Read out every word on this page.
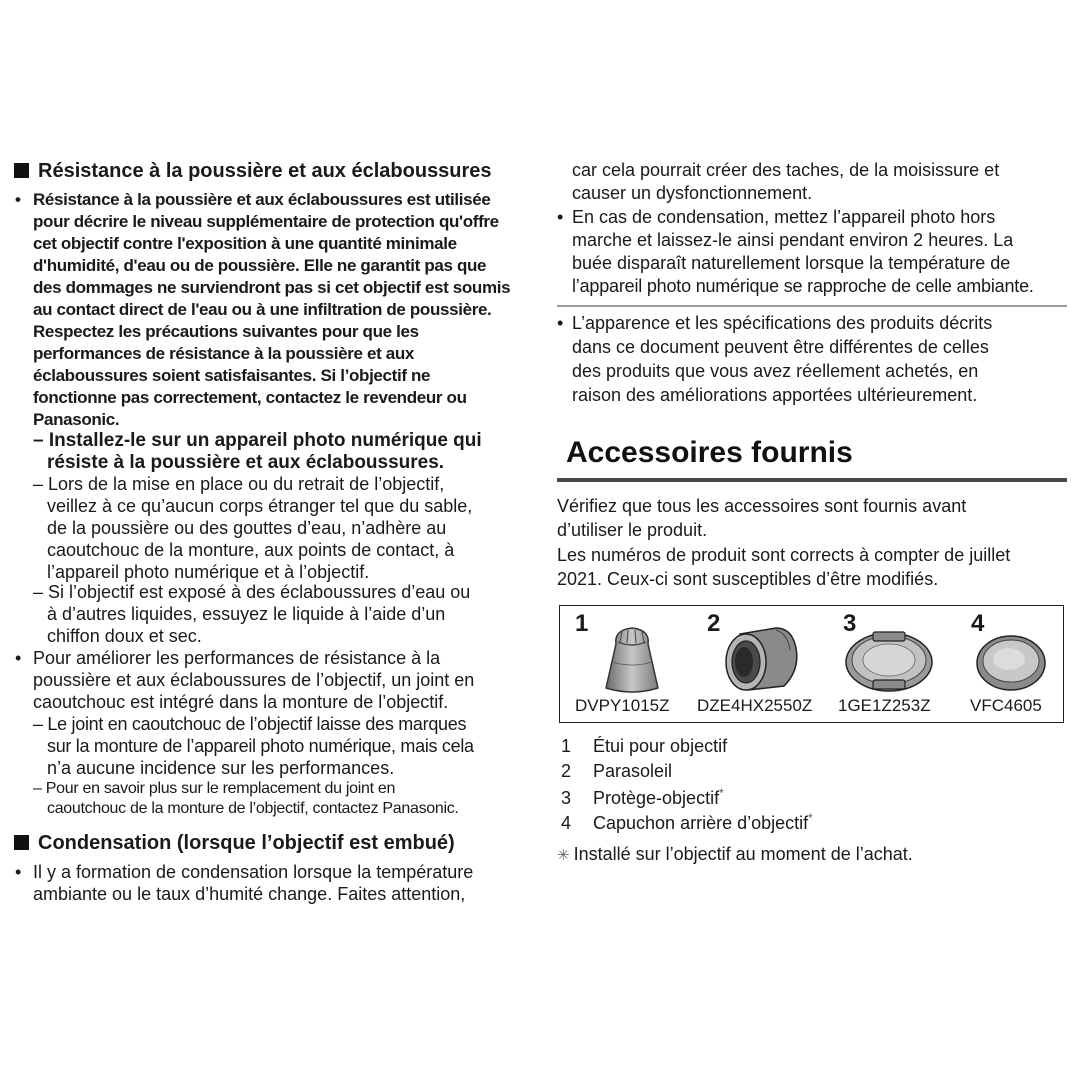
Résistance à la poussière et aux éclaboussures
• Résistance à la poussière et aux éclaboussures est utilisée
pour décrire le niveau supplémentaire de protection qu'offre
cet objectif contre l'exposition à une quantité minimale
d'humidité, d'eau ou de poussière. Elle ne garantit pas que
des dommages ne surviendront pas si cet objectif est soumis
au contact direct de l'eau ou à une infiltration de poussière.
Respectez les précautions suivantes pour que les
performances de résistance à la poussière et aux
éclaboussures soient satisfaisantes. Si l’objectif ne
fonctionne pas correctement, contactez le revendeur ou
Panasonic.
– Installez-le sur un appareil photo numérique qui
résiste à la poussière et aux éclaboussures.
– Lors de la mise en place ou du retrait de l’objectif,
veillez à ce qu’aucun corps étranger tel que du sable,
de la poussière ou des gouttes d’eau, n’adhère au
caoutchouc de la monture, aux points de contact, à
l’appareil photo numérique et à l’objectif.
– Si l’objectif est exposé à des éclaboussures d’eau ou
à d’autres liquides, essuyez le liquide à l’aide d’un
chiffon doux et sec.
• Pour améliorer les performances de résistance à la
poussière et aux éclaboussures de l’objectif, un joint en
caoutchouc est intégré dans la monture de l’objectif.
– Le joint en caoutchouc de l’objectif laisse des marques
sur la monture de l’appareil photo numérique, mais cela
n’a aucune incidence sur les performances.
– Pour en savoir plus sur le remplacement du joint en
caoutchouc de la monture de l’objectif, contactez Panasonic.
Condensation (lorsque l’objectif est embué)
• Il y a formation de condensation lorsque la température
ambiante ou le taux d’humité change. Faites attention,
car cela pourrait créer des taches, de la moisissure et
causer un dysfonctionnement.
• En cas de condensation, mettez l’appareil photo hors
marche et laissez-le ainsi pendant environ 2 heures. La
buée disparaît naturellement lorsque la température de
l’appareil photo numérique se rapproche de celle ambiante.
• L’apparence et les spécifications des produits décrits
dans ce document peuvent être différentes de celles
des produits que vous avez réellement achetés, en
raison des améliorations apportées ultérieurement.
Accessoires fournis
Vérifiez que tous les accessoires sont fournis avant
d’utiliser le produit.
Les numéros de produit sont corrects à compter de juillet
2021. Ceux-ci sont susceptibles d’être modifiés.
1	2	3	4
DVPY1015Z DZE4HX2550Z 1GE1Z253Z VFC4605
1 Étui pour objectif
2 Parasoleil
3 Protège-objectif*
4 Capuchon arrière d’objectif*
✳ Installé sur l’objectif au moment de l’achat.
